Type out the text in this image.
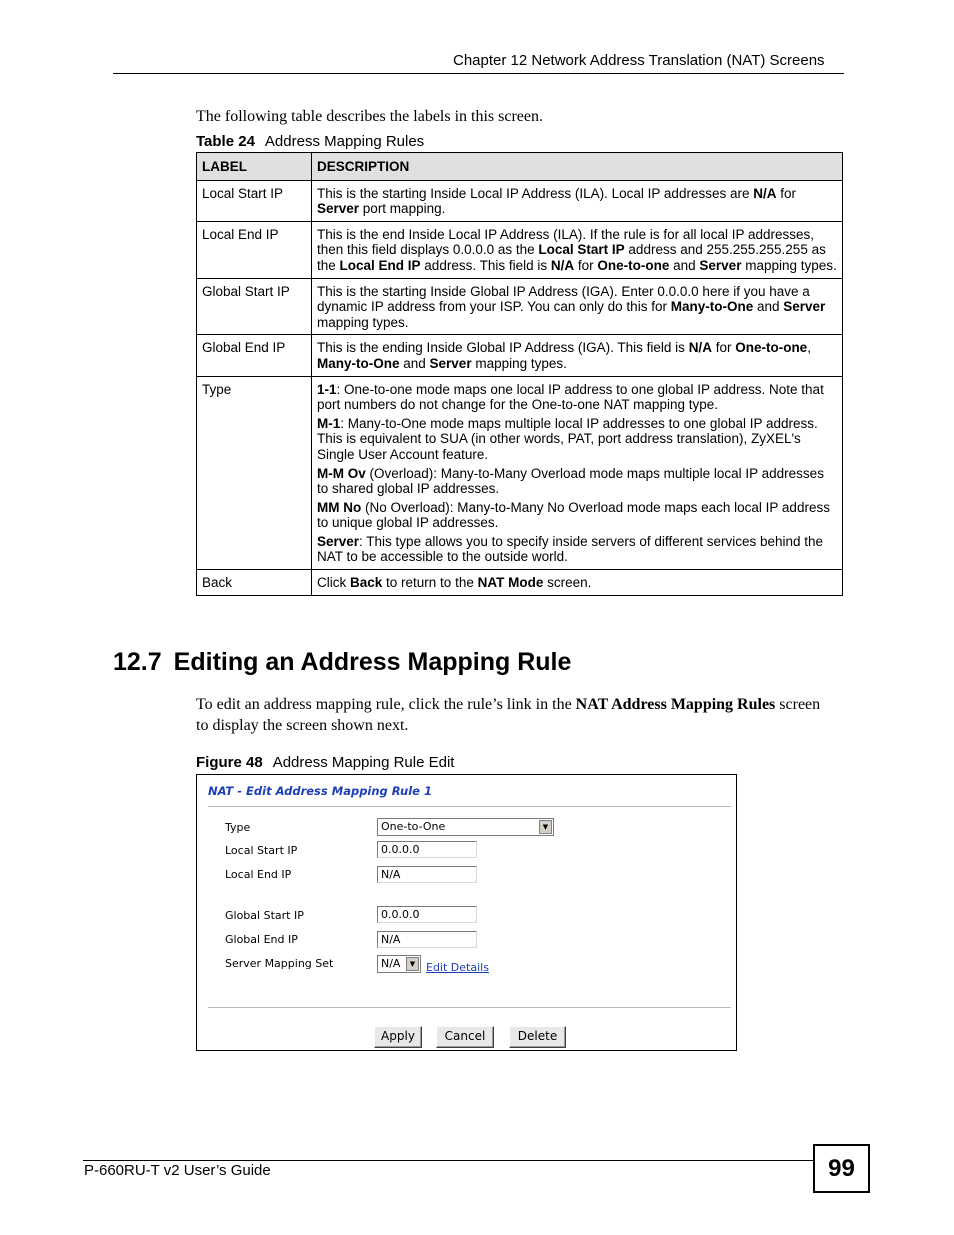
Chapter 12 Network Address Translation (NAT) Screens
The following table describes the labels in this screen.
Table 24 Address Mapping Rules
LABEL	DESCRIPTION
Local Start IP	This is the starting Inside Local IP Address (ILA). Local IP addresses are N/A for Server port mapping.

Local End IP	This is the end Inside Local IP Address (ILA). If the rule is for all local IP addresses, then this field displays 0.0.0.0 as the Local Start IP address and 255.255.255.255 as the Local End IP address. This field is N/A for One-to-one and Server mapping types.

Global Start IP	This is the starting Inside Global IP Address (IGA). Enter 0.0.0.0 here if you have a dynamic IP address from your ISP. You can only do this for Many-to-One and Server mapping types.

Global End IP	This is the ending Inside Global IP Address (IGA). This field is N/A for One-to-one, Many-to-One and Server mapping types.

Type	1-1: One-to-one mode maps one local IP address to one global IP address. Note that port numbers do not change for the One-to-one NAT mapping type.
M-1: Many-to-One mode maps multiple local IP addresses to one global IP address. This is equivalent to SUA (in other words, PAT, port address translation), ZyXEL's Single User Account feature.
M-M Ov (Overload): Many-to-Many Overload mode maps multiple local IP addresses to shared global IP addresses.
MM No (No Overload): Many-to-Many No Overload mode maps each local IP address to unique global IP addresses.
Server: This type allows you to specify inside servers of different services behind the NAT to be accessible to the outside world.

Back	Click Back to return to the NAT Mode screen.
12.7 Editing an Address Mapping Rule
To edit an address mapping rule, click the rule’s link in the NAT Address Mapping Rules screen to display the screen shown next.
Figure 48 Address Mapping Rule Edit
NAT - Edit Address Mapping Rule 1
Type	One-to-One	▼
Local Start IP	0.0.0.0
Local End IP	N/A
Global Start IP	0.0.0.0
Global End IP	N/A
Server Mapping Set	N/A	▼ Edit Details
Apply	Cancel	Delete
P-660RU-T v2 User’s Guide	99
